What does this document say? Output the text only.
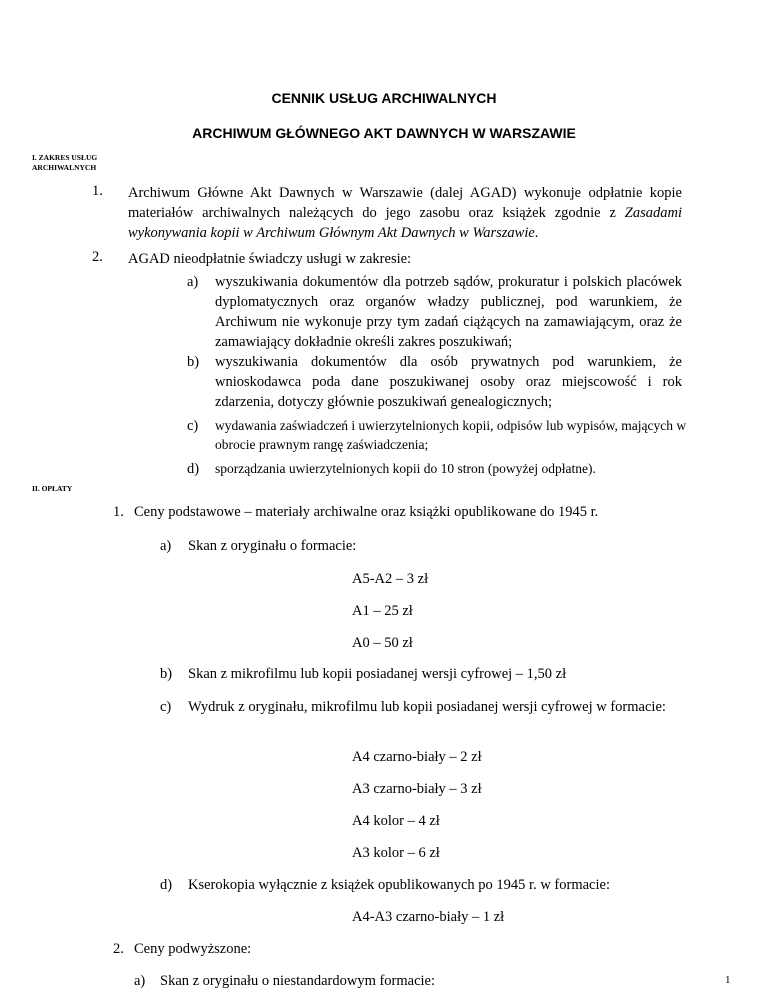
CENNIK USŁUG ARCHIWALNYCH
ARCHIWUM GŁÓWNEGO AKT DAWNYCH W WARSZAWIE
I. ZAKRES USŁUG ARCHIWALNYCH
1. Archiwum Główne Akt Dawnych w Warszawie (dalej AGAD) wykonuje odpłatnie kopie materiałów archiwalnych należących do jego zasobu oraz książek zgodnie z Zasadami wykonywania kopii w Archiwum Głównym Akt Dawnych w Warszawie.
2. AGAD nieodpłatnie świadczy usługi w zakresie:
a) wyszukiwania dokumentów dla potrzeb sądów, prokuratur i polskich placówek dyplomatycznych oraz organów władzy publicznej, pod warunkiem, że Archiwum nie wykonuje przy tym zadań ciążących na zamawiającym, oraz że zamawiający dokładnie określi zakres poszukiwań;
b) wyszukiwania dokumentów dla osób prywatnych pod warunkiem, że wnioskodawca poda dane poszukiwanej osoby oraz miejscowość i rok zdarzenia, dotyczy głównie poszukiwań genealogicznych;
c) wydawania zaświadczeń i uwierzytelnionych kopii, odpisów lub wypisów, mających w obrocie prawnym rangę zaświadczenia;
d) sporządzania uwierzytelnionych kopii do 10 stron (powyżej odpłatne).
II. OPŁATY
1. Ceny podstawowe – materiały archiwalne oraz książki opublikowane do 1945 r.
a) Skan z oryginału o formacie:
A5-A2 – 3 zł
A1 – 25 zł
A0 – 50 zł
b) Skan z mikrofilmu lub kopii posiadanej wersji cyfrowej – 1,50 zł
c) Wydruk z oryginału, mikrofilmu lub kopii posiadanej wersji cyfrowej w formacie:
A4 czarno-biały – 2 zł
A3 czarno-biały – 3 zł
A4 kolor – 4 zł
A3 kolor – 6 zł
d) Kserokopia wyłącznie z książek opublikowanych po 1945 r. w formacie:
A4-A3 czarno-biały – 1 zł
2. Ceny podwyższone:
a) Skan z oryginału o niestandardowym formacie:	1
